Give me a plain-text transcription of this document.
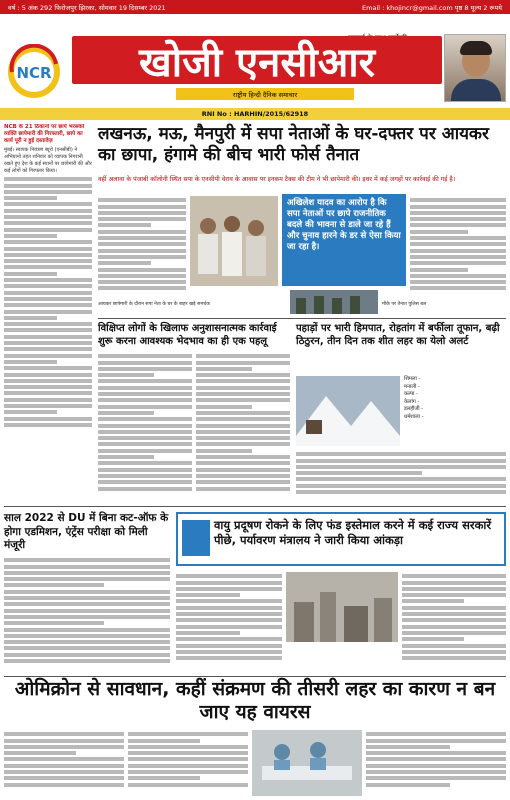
वर्ष : 5 अंक 292 फिरोजपुर झिरका, सोमवार 19 दिसम्बर 2021	Email : khojincr@gmail.com पृष्ठ 8 मूल्य 2 रूपये
NCR	खोजी एनसीआर
राष्ट्रीय हिन्दी दैनिक समाचार
RNI No : HARHIN/2015/62918
NCB के 21 ठिकानों पर छापे भरसकों व्यक्ति छापेमारी की गिरफ्तारी, छापे का कार्य पूरी न हुई दस्तावेज़
मुंबई। स्वापक नियंत्रण ब्यूरो (एनसीबी) ने अभियानों तहत शनिवार को व्यापक निगरानी रखते हुए देश के कई स्थानों पर छापेमारी की और कई लोगों को गिरफ्तार किया।
लखनऊ, मऊ, मैनपुरी में सपा नेताओं के घर-दफ्तर पर आयकर का छापा, हंगामे की बीच भारी फोर्स तैनात
वहीं अलावा के पंजाबी कॉलोनी स्थित सपा के एनसीपी वेराव के आवास पर इनकम टैक्स की टीम ने भी छापेमारी की। इधर में कई जगहों पर कार्रवाई की गई है।
अखिलेश यादव का आरोप है कि सपा नेताओं पर छापे राजनीतिक बदले की भावना से डाले जा रहे हैं और चुनाव हारने के डर से ऐसा किया जा रहा है।
आयकर छापेमारी के दौरान सपा नेता के घर के बाहर खड़े समर्थक	मौके पर तैनात पुलिस बल
विक्षिप्त लोगों के खिलाफ अनुशासनात्मक कार्रवाई शुरू करना आवश्यक भेदभाव का ही एक पहलू
पहाड़ों पर भारी हिमपात, रोहतांग में बर्फीला तूफान, बढ़ी ठिठुरन, तीन दिन तक शीत लहर का येलो अलर्ट
शिमला -
मनाली -
कल्पा -
केलांग -
डलहौजी -
धर्मशाला -
साल 2022 से DU में बिना कट-ऑफ के होगा एडमिशन, एंट्रेंस परीक्षा को मिली मंजूरी
वायु प्रदूषण रोकने के लिए फंड इस्तेमाल करने में कई राज्य सरकारें पीछे, पर्यावरण मंत्रालय ने जारी किया आंकड़ा
ओमिक्रोन से सावधान, कहीं संक्रमण की तीसरी लहर का कारण न बन जाए यह वायरस
